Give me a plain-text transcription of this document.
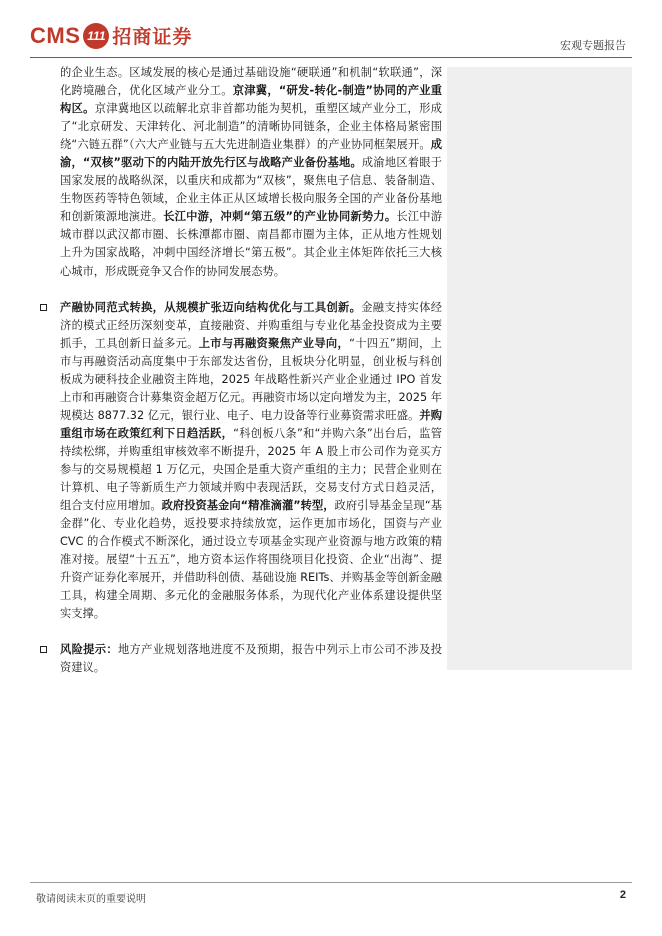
CMS 111 招商证券	宏观专题报告

的企业生态。区域发展的核心是通过基础设施“硬联通”和机制“软联通”，深化跨境融合，优化区域产业分工。京津冀，“研发-转化-制造”协同的产业重构区。京津冀地区以疏解北京非首都功能为契机，重塑区域产业分工，形成了“北京研发、天津转化、河北制造”的清晰协同链条，企业主体格局紧密围绕“六链五群”（六大产业链与五大先进制造业集群）的产业协同框架展开。成渝，“双核”驱动下的内陆开放先行区与战略产业备份基地。成渝地区着眼于国家发展的战略纵深，以重庆和成都为“双核”，聚焦电子信息、装备制造、生物医药等特色领域，企业主体正从区域增长极向服务全国的产业备份基地和创新策源地演进。长江中游，冲刺“第五级”的产业协同新势力。长江中游城市群以武汉都市圈、长株潭都市圈、南昌都市圈为主体，正从地方性规划上升为国家战略，冲刺中国经济增长“第五极”。其企业主体矩阵依托三大核心城市，形成既竞争又合作的协同发展态势。

产融协同范式转换，从规模扩张迈向结构优化与工具创新。金融支持实体经济的模式正经历深刻变革，直接融资、并购重组与专业化基金投资成为主要抓手，工具创新日益多元。上市与再融资聚焦产业导向，“十四五”期间，上市与再融资活动高度集中于东部发达省份，且板块分化明显，创业板与科创板成为硬科技企业融资主阵地，2025 年战略性新兴产业企业通过 IPO 首发上市和再融资合计募集资金超万亿元。再融资市场以定向增发为主，2025 年规模达 8877.32 亿元，银行业、电子、电力设备等行业募资需求旺盛。并购重组市场在政策红利下日趋活跃，“科创板八条”和“并购六条”出台后，监管持续松绑，并购重组审核效率不断提升，2025 年 A 股上市公司作为竞买方参与的交易规模超 1 万亿元，央国企是重大资产重组的主力；民营企业则在计算机、电子等新质生产力领域并购中表现活跃，交易支付方式日趋灵活，组合支付应用增加。政府投资基金向“精准滴灌”转型，政府引导基金呈现“基金群”化、专业化趋势，返投要求持续放宽，运作更加市场化，国资与产业 CVC 的合作模式不断深化，通过设立专项基金实现产业资源与地方政策的精准对接。展望“十五五”，地方资本运作将围绕项目化投资、企业“出海”、提升资产证券化率展开，并借助科创债、基础设施 REITs、并购基金等创新金融工具，构建全周期、多元化的金融服务体系，为现代化产业体系建设提供坚实支撑。

风险提示：地方产业规划落地进度不及预期，报告中列示上市公司不涉及投资建议。

敬请阅读末页的重要说明	2
